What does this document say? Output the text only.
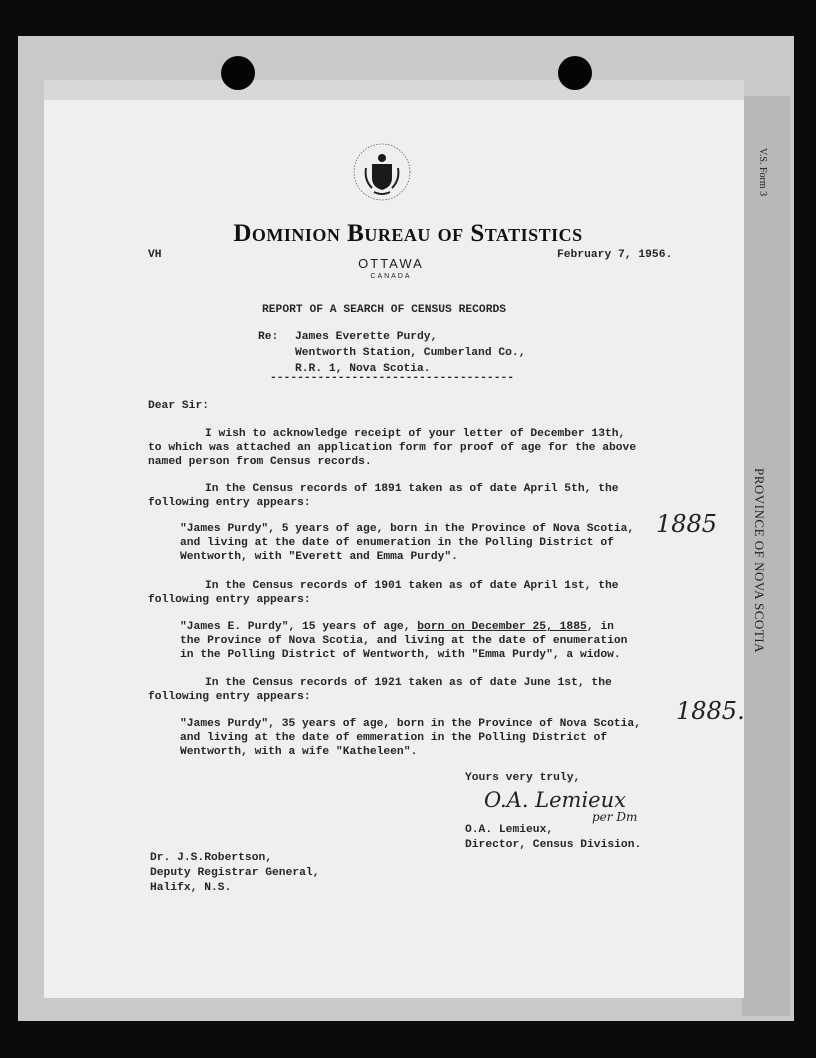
V.S. Form 3
PROVINCE OF NOVA SCOTIA
Dominion Bureau of Statistics
OTTAWA
CANADA
VH	February 7, 1956.
REPORT OF A SEARCH OF CENSUS RECORDS
Re: James Everette Purdy,
Wentworth Station, Cumberland Co.,
R.R. 1, Nova Scotia.
------------------------------------
Dear Sir:
I wish to acknowledge receipt of your letter of December 13th,
to which was attached an application form for proof of age for the above
named person from Census records.
In the Census records of 1891 taken as of date April 5th, the
following entry appears:
"James Purdy", 5 years of age, born in the Province of Nova Scotia,
and living at the date of enumeration in the Polling District of
Wentworth, with "Everett and Emma Purdy".
In the Census records of 1901 taken as of date April 1st, the
following entry appears:
"James E. Purdy", 15 years of age, born on December 25, 1885, in
the Province of Nova Scotia, and living at the date of enumeration
in the Polling District of Wentworth, with "Emma Purdy", a widow.
In the Census records of 1921 taken as of date June 1st, the
following entry appears:
"James Purdy", 35 years of age, born in the Province of Nova Scotia,
and living at the date of emmeration in the Polling District of
Wentworth, with a wife "Katheleen".
1885
1885.
Yours very truly,
O.A. Lemieux
per Dm
O.A. Lemieux,
Director, Census Division.
Dr. J.S.Robertson,
Deputy Registrar General,
Halifx, N.S.
